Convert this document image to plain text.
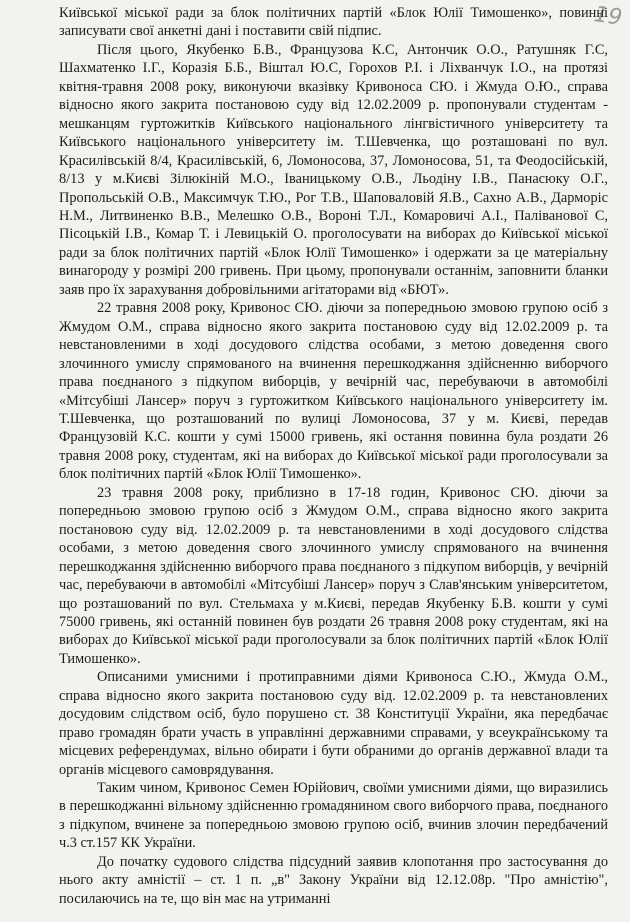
19

Київської міської ради за блок політичних партій «Блок Юлії Тимошенко», повинні записувати свої анкетні дані і поставити свій підпис.

Після цього, Якубенко Б.В., Французова К.С, Антончик О.О., Ратушняк Г.С, Шахматенко І.Г., Коразія Б.Б., Віштал Ю.С, Горохов Р.І. і Ліхванчук І.О., на протязі квітня-травня 2008 року, виконуючи вказівку Кривоноса СЮ. і Жмуда О.Ю., справа відносно якого закрита постановою суду від 12.02.2009 р. пропонували студентам - мешканцям гуртожитків Київського національного лінгвістичного університету та Київського національного університету ім. Т.Шевченка, що розташовані по вул. Красилівській 8/4, Красилівській, 6, Ломоносова, 37, Ломоносова, 51, та Феодосійській, 8/13 у м.Києві Зілюкіній М.О., Іваницькому О.В., Льодіну І.В., Панасюку О.Г., Пропольській О.В., Максимчук Т.Ю., Рог Т.В., Шаповаловій Я.В., Сахно А.В., Дарморіс Н.М., Литвиненко В.В., Мелешко О.В., Ворoні Т.Л., Комаровичі А.І., Паліванової С, Пісоцькій І.В., Комар Т. і Левицькій О. проголосувати на виборах до Київської міської ради за блок політичних партій «Блок Юлії Тимошенко» і одержати за це матеріальну винагороду у розмірі 200 гривень. При цьому, пропонували останнім, заповнити бланки заяв про їх зарахування добровільними агітаторами від «БЮТ».

22 травня 2008 року, Кривонос СЮ. діючи за попередньою змовою групою осіб з Жмудом О.М., справа відносно якого закрита постановою суду від 12.02.2009 р. та невстановленими в ході досудового слідства особами, з метою доведення свого злочинного умислу спрямованого на вчинення перешкоджання здійсненню виборчого права поєднаного з підкупом виборців, у вечірній час, перебуваючи в автомобілі «Мітсубіші Лансер» поруч з гуртожитком Київського національного університету ім. Т.Шевченка, що розташований по вулиці Ломоносова, 37 у м. Києві, передав Французовій К.С. кошти у сумі 15000 гривень, які остання повинна була роздати 26 травня 2008 року, студентам, які на виборах до Київської міської ради проголосували за блок політичних партій «Блок Юлії Тимошенко».

23 травня 2008 року, приблизно в 17-18 годин, Кривонос СЮ. діючи за попередньою змовою групою осіб з Жмудом О.М., справа відносно якого закрита постановою суду від. 12.02.2009 р. та невстановленими в ході досудового слідства особами, з метою доведення свого злочинного умислу спрямованого на вчинення перешкоджання здійсненню виборчого права поєднаного з підкупом виборців, у вечірній час, перебуваючи в автомобілі «Мітсубіші Лансер» поруч з Слав'янським університетом, що розташований по вул. Стельмаха у м.Києві, передав Якубенку Б.В. кошти у сумі 75000 гривень, які останній повинен був роздати 26 травня 2008 року студентам, які на виборах до Київської міської ради проголосували за блок політичних партій «Блок Юлії Тимошенко».

Описаними умисними і протиправними діями Кривоноса С.Ю., Жмуда О.М., справа відносно якого закрита постановою суду від. 12.02.2009 р. та невстановлених досудовим слідством осіб, було порушено ст. 38 Конституції України, яка передбачає право громадян брати участь в управлінні державними справами, у всеукраїнському та місцевих референдумах, вільно обирати і бути обраними до органів державної влади та органів місцевого самоврядування.

Таким чином, Кривонос Семен Юрійович, своїми умисними діями, що виразились в перешкоджанні вільному здійсненню громадянином свого виборчого права, поєднаного з підкупом, вчинене за попередньою змовою групою осіб, вчинив злочин передбачений ч.3 ст.157 КК України.

До початку судового слідства підсудний заявив клопотання про застосування до нього акту амністії – ст. 1 п. „в" Закону України від 12.12.08р. "Про амністію", посилаючись на те, що він має на утриманні
